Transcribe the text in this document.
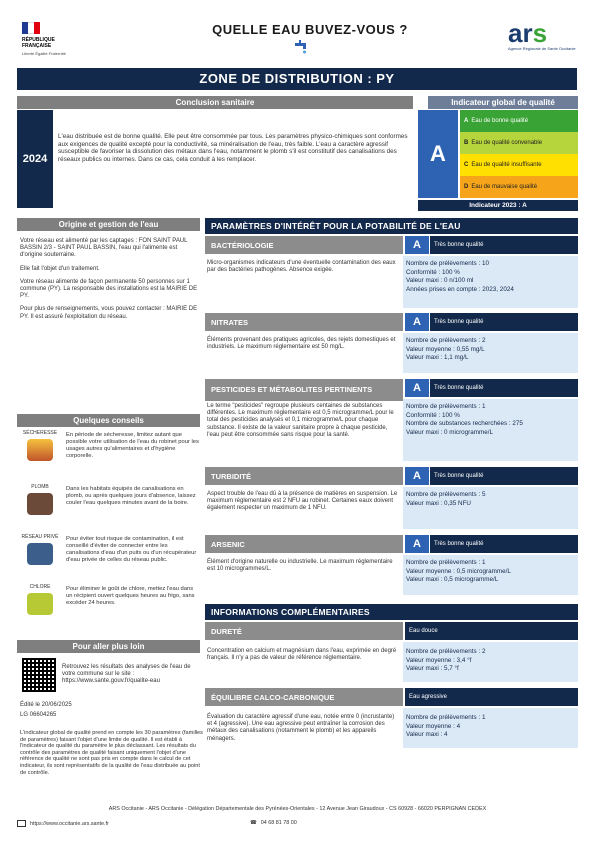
RÉPUBLIQUE FRANÇAISE
Liberté Égalité Fraternité
QUELLE EAU BUVEZ-VOUS ?	ars
Agence Régionale de Santé Occitanie
ZONE DE DISTRIBUTION : PY
Conclusion sanitaire
2024
L'eau distribuée est de bonne qualité. Elle peut être consommée par tous. Les paramètres physico-chimiques sont conformes aux exigences de qualité excepté pour la conductivité, sa minéralisation de l'eau, très faible. L'eau a caractère agressif susceptible de favoriser la dissolution des métaux dans l'eau, notamment le plomb s'il est constitutif des canalisations des réseaux publics ou internes. Dans ce cas, cela conduit à les remplacer.
Indicateur global de qualité
A
A Eau de bonne qualité
B Eau de qualité convenable
C Eau de qualité insuffisante
D Eau de mauvaise qualité
Indicateur 2023 : A
Origine et gestion de l'eau

Votre réseau est alimenté par les captages : FON SAINT PAUL BASSIN 2/3 - SAINT PAUL BASSIN, l'eau qui l'alimente est d'origine souterraine.

Elle fait l'objet d'un traitement.

Votre réseau alimente de façon permanente 50 personnes sur 1 commune (PY). La responsable des installations est la MAIRIE DE PY.

Pour plus de renseignements, vous pouvez contacter : MAIRIE DE PY. Il est assuré l'exploitation du réseau.

Quelques conseils
SÉCHERESSE	En période de sécheresse, limitez autant que possible votre utilisation de l'eau du robinet pour les usages autres qu'alimentaires et d'hygiène corporelle.
PLOMB	Dans les habitats équipés de canalisations en plomb, ou après quelques jours d'absence, laissez couler l'eau quelques minutes avant de la boire.
RÉSEAU PRIVÉ	Pour éviter tout risque de contamination, il est conseillé d'éviter de connecter entre les canalisations d'eau d'un puits ou d'un récupérateur d'eau privée de celles du réseau public.
CHLORE	Pour éliminer le goût de chlore, mettez l'eau dans un récipient ouvert quelques heures au frigo, sans excéder 24 heures.
Pour aller plus loin
Retrouvez les résultats des analyses de l'eau de votre commune sur le site : https://www.sante.gouv.fr/qualite-eau
Édité le 20/06/2025
LG 06604265
L'indicateur global de qualité prend en compte les 30 paramètres (familles de paramètres) faisant l'objet d'une limite de qualité. Il est établi à l'indicateur de qualité du paramètre le plus déclassant. Les résultats du contrôle des paramètres de qualité faisant uniquement l'objet d'une référence de qualité ne sont pas pris en compte dans le calcul de cet indicateur, ils sont représentatifs de la qualité de l'eau distribuée au point de contrôle.
PARAMÈTRES D'INTÉRÊT POUR LA POTABILITÉ DE L'EAU
BACTÉRIOLOGIE	A	Très bonne qualité
Micro-organismes indicateurs d'une éventuelle contamination des eaux par des bactéries pathogènes. Absence exigée.
Nombre de prélèvements : 10
Conformité : 100 %
Valeur maxi : 0 n/100 ml
Années prises en compte : 2023, 2024
NITRATES	A	Très bonne qualité
Éléments provenant des pratiques agricoles, des rejets domestiques et industriels. Le maximum réglementaire est 50 mg/L.
Nombre de prélèvements : 2
Valeur moyenne : 0,55 mg/L
Valeur maxi : 1,1 mg/L
PESTICIDES ET MÉTABOLITES PERTINENTS	A	Très bonne qualité
Le terme "pesticides" regroupe plusieurs centaines de substances différentes. Le maximum réglementaire est 0,5 microgramme/L pour le total des pesticides analysés et 0,1 microgramme/L pour chaque substance. Il existe de la valeur sanitaire propre à chaque pesticide, l'eau peut être consommée sans risque pour la santé.
Nombre de prélèvements : 1
Conformité : 100 %
Nombre de substances recherchées : 275
Valeur maxi : 0 microgramme/L
TURBIDITÉ	A	Très bonne qualité
Aspect trouble de l'eau dû à la présence de matières en suspension. Le maximum réglementaire est 2 NFU au robinet. Certaines eaux doivent également respecter un maximum de 1 NFU.
Nombre de prélèvements : 5
Valeur maxi : 0,35 NFU
ARSENIC	A	Très bonne qualité
Élément d'origine naturelle ou industrielle. Le maximum réglementaire est 10 microgrammes/L.
Nombre de prélèvements : 1
Valeur moyenne : 0,5 microgramme/L
Valeur maxi : 0,5 microgramme/L
INFORMATIONS COMPLÉMENTAIRES
DURETÉ	Eau douce
Concentration en calcium et magnésium dans l'eau, exprimée en degré français. Il n'y a pas de valeur de référence réglementaire.
Nombre de prélèvements : 2
Valeur moyenne : 3,4 °f
Valeur maxi : 5,7 °f
ÉQUILIBRE CALCO-CARBONIQUE	Eau agressive
Évaluation du caractère agressif d'une eau, notée entre 0 (incrustante) et 4 (agressive). Une eau agressive peut entraîner la corrosion des métaux des canalisations (notamment le plomb) et les appareils ménagers.
Nombre de prélèvements : 1
Valeur moyenne : 4
Valeur maxi : 4
ARS Occitanie - ARS Occitanie - Délégation Départementale des Pyrénées-Orientales - 12 Avenue Jean Giraudoux - CS 60928 - 66020 PERPIGNAN CEDEX
https://www.occitanie.ars.sante.fr	☎ 04 68 81 78 00
